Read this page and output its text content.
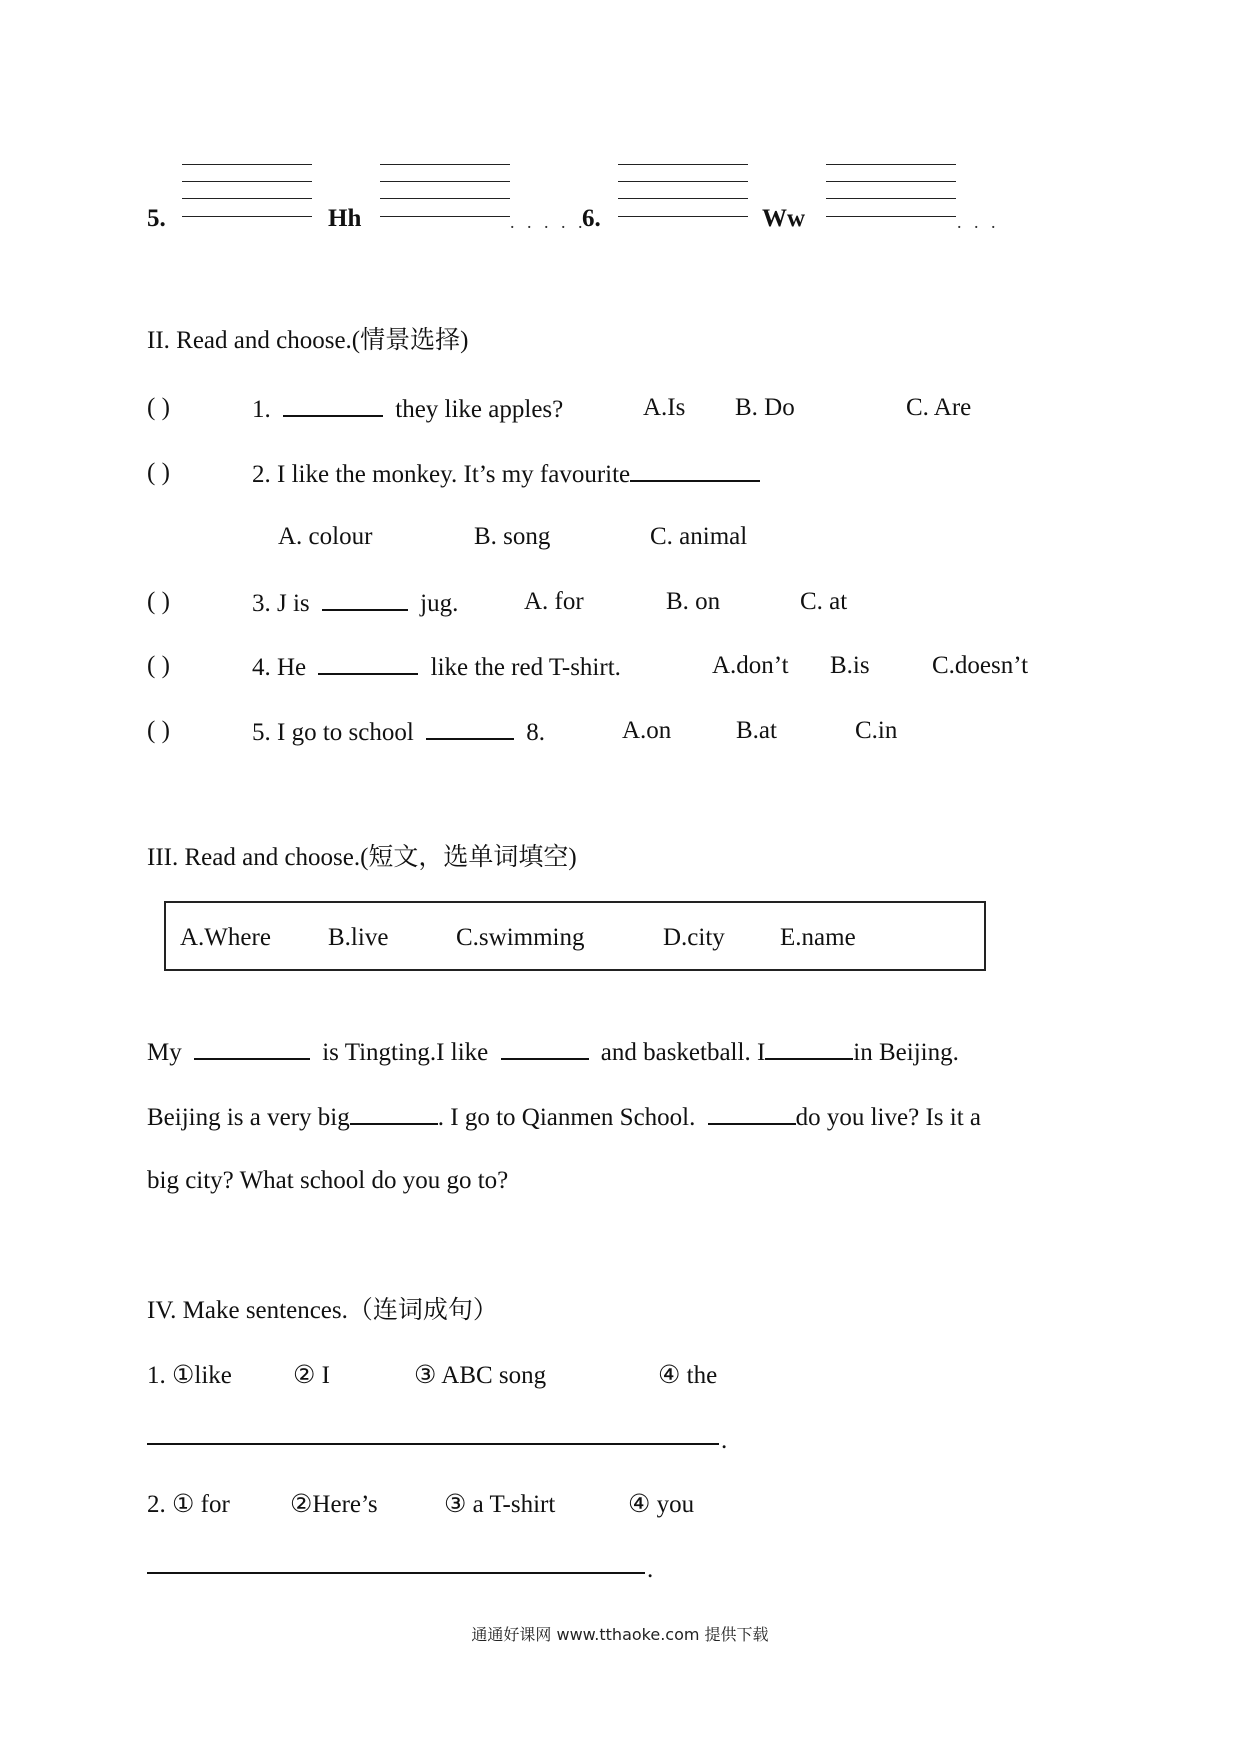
5.	Hh	. . . . .
6.	Ww	. . .
II. Read and choose.(情景选择)
( )	1.	they like apples?	A.Is B. Do	C. Are
( )	2. I like the monkey. It’s my favourite
A. colour	B. song	C. animal
( )	3. J is	jug.	A. for	B. on	C. at
( )	4. He	like the red T-shirt.	A.don’t B.is C.doesn’t
( )	5. I go to school	8.	A.on	B.at	C.in
III. Read and choose.(短文，选单词填空)
A.Where B.live	C.swimming	D.city E.name
My	is Tingting.I like	and basketball. I	in Beijing.
Beijing is a very big	. I go to Qianmen School.	do you live? Is it a
big city? What school do you go to?
IV. Make sentences.（连词成句）
1. ①like ② I	③ ABC song	④ the
.
2. ① for ②Here’s	③ a T-shirt	④ you
.
通通好课网 www.tthaoke.com 提供下载
